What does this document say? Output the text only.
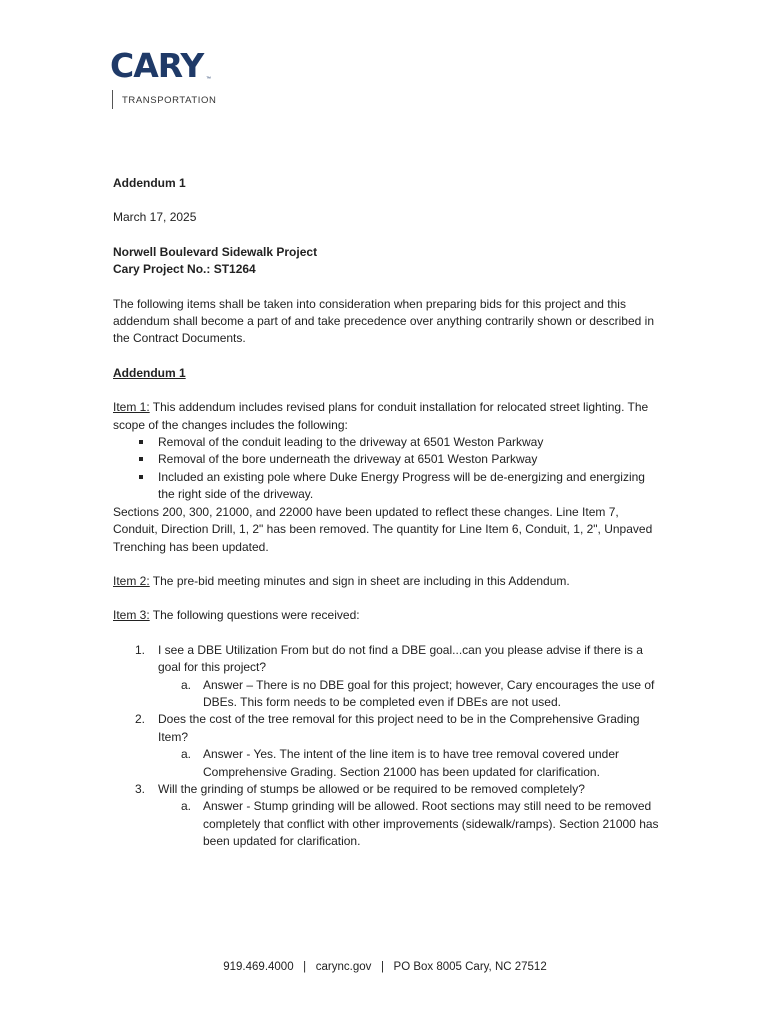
CARY ™
TRANSPORTATION

Addendum 1

March 17, 2025

Norwell Boulevard Sidewalk Project

Cary Project No.: ST1264

The following items shall be taken into consideration when preparing bids for this project and this addendum shall become a part of and take precedence over anything contrarily shown or described in the Contract Documents.

Addendum 1

Item 1: This addendum includes revised plans for conduit installation for relocated street lighting. The scope of the changes includes the following:

Removal of the conduit leading to the driveway at 6501 Weston Parkway
Removal of the bore underneath the driveway at 6501 Weston Parkway
Included an existing pole where Duke Energy Progress will be de-energizing and energizing the right side of the driveway.

Sections 200, 300, 21000, and 22000 have been updated to reflect these changes. Line Item 7, Conduit, Direction Drill, 1, 2" has been removed. The quantity for Line Item 6, Conduit, 1, 2", Unpaved Trenching has been updated.

Item 2: The pre-bid meeting minutes and sign in sheet are including in this Addendum.

Item 3: The following questions were received:

1. I see a DBE Utilization From but do not find a DBE goal...can you please advise if there is a goal for this project?
a. Answer – There is no DBE goal for this project; however, Cary encourages the use of DBEs. This form needs to be completed even if DBEs are not used.
2. Does the cost of the tree removal for this project need to be in the Comprehensive Grading Item?
a. Answer - Yes. The intent of the line item is to have tree removal covered under Comprehensive Grading. Section 21000 has been updated for clarification.
3. Will the grinding of stumps be allowed or be required to be removed completely?
a. Answer - Stump grinding will be allowed. Root sections may still need to be removed completely that conflict with other improvements (sidewalk/ramps). Section 21000 has been updated for clarification.
919.469.4000   |   carync.gov   |   PO Box 8005 Cary, NC 27512
